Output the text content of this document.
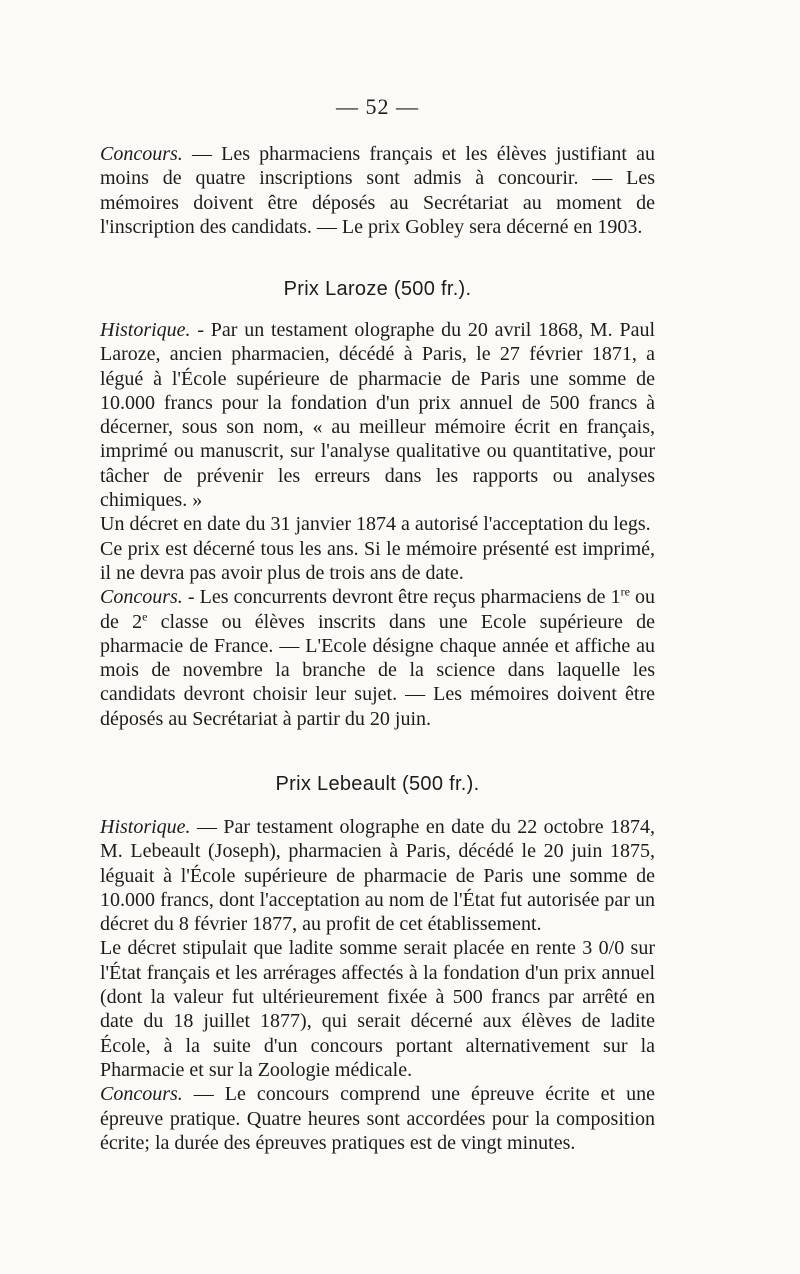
— 52 —

Concours. — Les pharmaciens français et les élèves justifiant au moins de quatre inscriptions sont admis à concourir. — Les mémoires doivent être déposés au Secrétariat au moment de l'inscription des candidats. — Le prix Gobley sera décerné en 1903.

Prix Laroze (500 fr.).

Historique. - Par un testament olographe du 20 avril 1868, M. Paul Laroze, ancien pharmacien, décédé à Paris, le 27 février 1871, a légué à l'École supérieure de pharmacie de Paris une somme de 10.000 francs pour la fondation d'un prix annuel de 500 francs à décerner, sous son nom, « au meilleur mémoire écrit en français, imprimé ou manuscrit, sur l'analyse qualitative ou quantitative, pour tâcher de prévenir les erreurs dans les rapports ou analyses chimiques. »

Un décret en date du 31 janvier 1874 a autorisé l'acceptation du legs.

Ce prix est décerné tous les ans. Si le mémoire présenté est imprimé, il ne devra pas avoir plus de trois ans de date.

Concours. - Les concurrents devront être reçus pharmaciens de 1re ou de 2e classe ou élèves inscrits dans une Ecole supérieure de pharmacie de France. — L'Ecole désigne chaque année et affiche au mois de novembre la branche de la science dans laquelle les candidats devront choisir leur sujet. — Les mémoires doivent être déposés au Secrétariat à partir du 20 juin.

Prix Lebeault (500 fr.).

Historique. — Par testament olographe en date du 22 octobre 1874, M. Lebeault (Joseph), pharmacien à Paris, décédé le 20 juin 1875, léguait à l'École supérieure de pharmacie de Paris une somme de 10.000 francs, dont l'acceptation au nom de l'État fut autorisée par un décret du 8 février 1877, au profit de cet établissement.

Le décret stipulait que ladite somme serait placée en rente 3 0/0 sur l'État français et les arrérages affectés à la fondation d'un prix annuel (dont la valeur fut ultérieurement fixée à 500 francs par arrêté en date du 18 juillet 1877), qui serait décerné aux élèves de ladite École, à la suite d'un concours portant alternativement sur la Pharmacie et sur la Zoologie médicale.

Concours. — Le concours comprend une épreuve écrite et une épreuve pratique. Quatre heures sont accordées pour la composition écrite; la durée des épreuves pratiques est de vingt minutes.
